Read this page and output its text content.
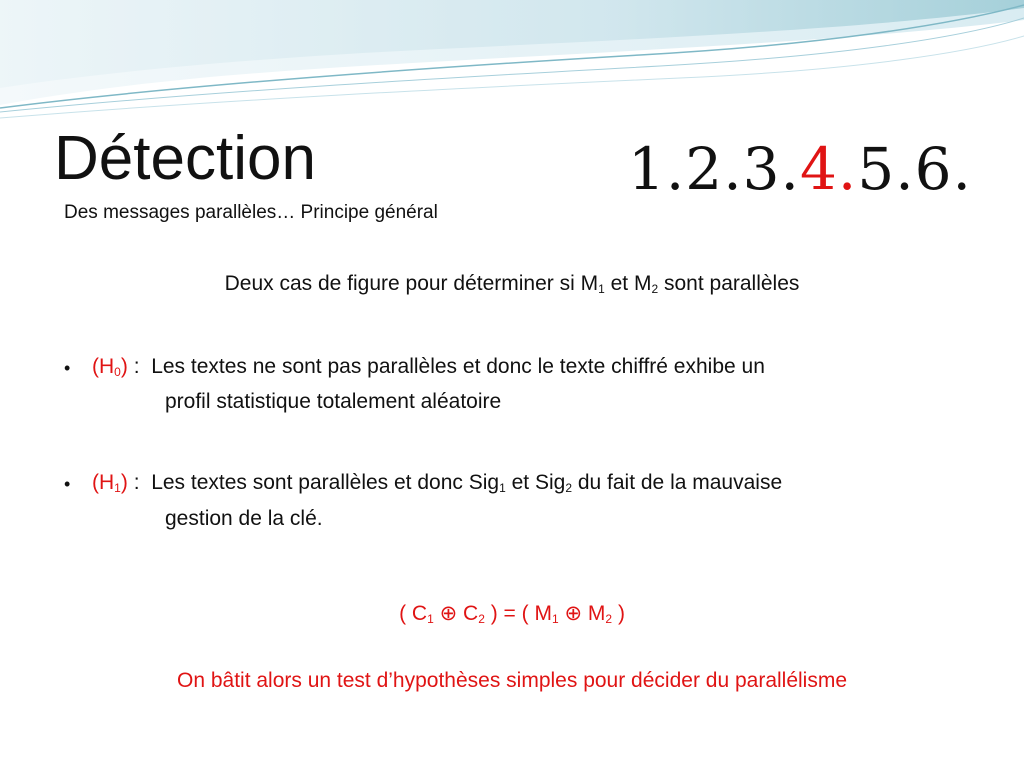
Détection	1.2.3.4.5.6.
Des messages parallèles… Principe général
Deux cas de figure pour déterminer si $M_1$ et $M_2$ sont parallèles
• $(H_0)$ :  Les textes ne sont pas parallèles et donc le texte chiffré exhibe un
profil statistique totalement aléatoire
• $(H_1)$ :  Les textes sont parallèles et donc Sig$_1$ et Sig$_2$ du fait de la mauvaise
gestion de la clé.
( $C_1$ ⊕ $C_2$ ) = ( $M_1$ ⊕ $M_2$ )
On bâtit alors un test d’hypothèses simples pour décider du parallélisme
